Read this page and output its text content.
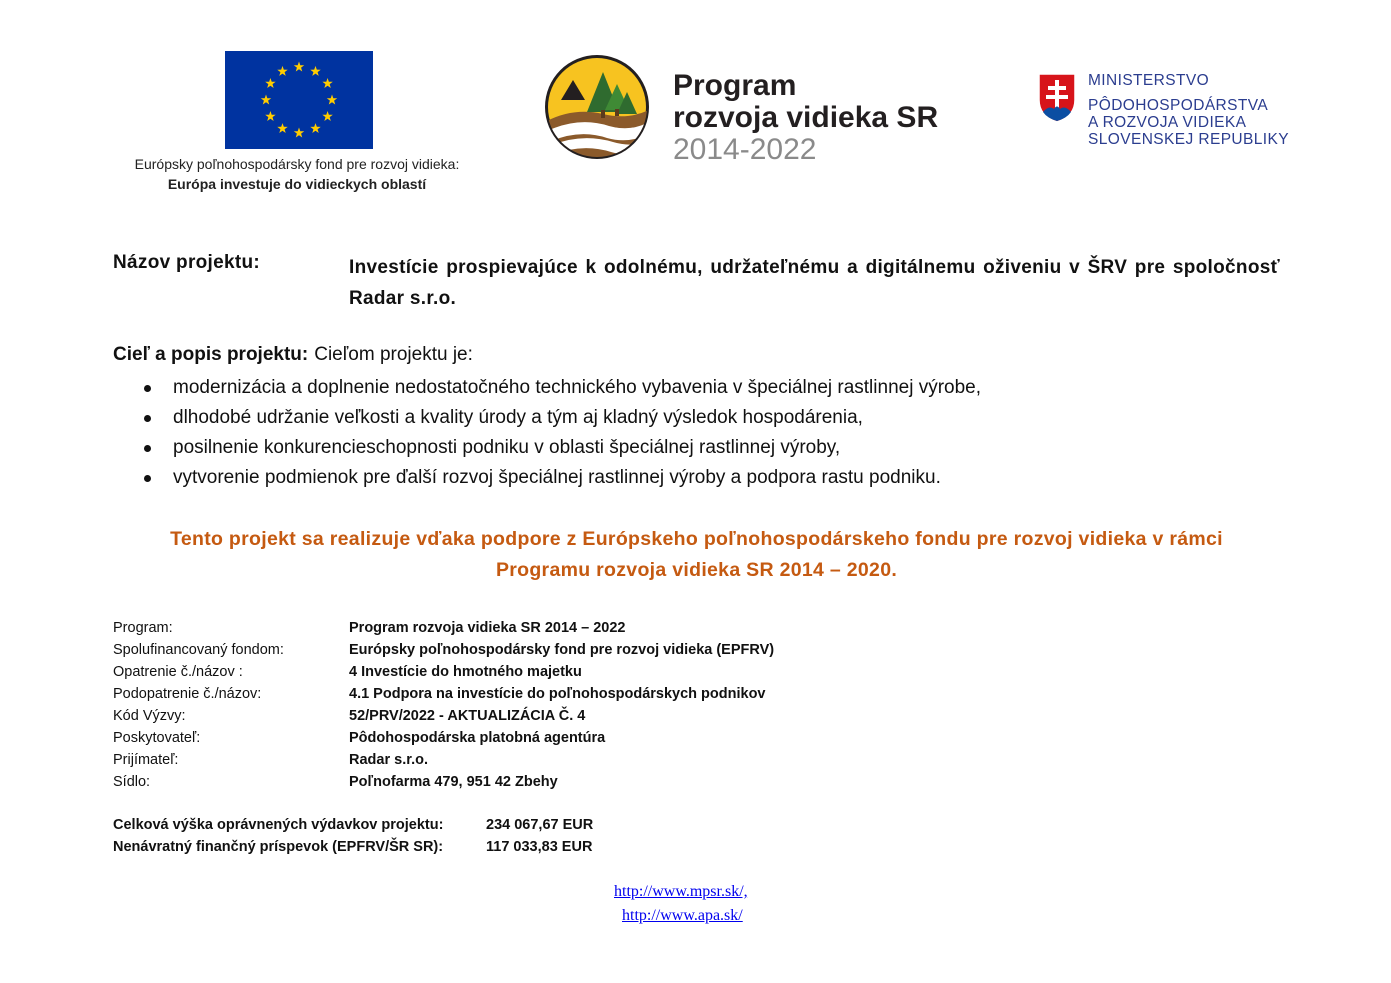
Európsky poľnohospodársky fond pre rozvoj vidieka:
Európa investuje do vidieckych oblastí
Program
rozvoja vidieka SR
2014-2022
MINISTERSTVO
PÔDOHOSPODÁRSTVA
A ROZVOJA VIDIEKA
SLOVENSKEJ REPUBLIKY
Názov projektu:	Investície prospievajúce k odolnému, udržateľnému a digitálnemu oživeniu v ŠRV pre spoločnosť Radar s.r.o.
Cieľ a popis projektu: Cieľom projektu je:
modernizácia a doplnenie nedostatočného technického vybavenia v špeciálnej rastlinnej výrobe,
dlhodobé udržanie veľkosti a kvality úrody a tým aj kladný výsledok hospodárenia,
posilnenie konkurencieschopnosti podniku v oblasti špeciálnej rastlinnej výroby,
vytvorenie podmienok pre ďalší rozvoj špeciálnej rastlinnej výroby a podpora rastu podniku.
Tento projekt sa realizuje vďaka podpore z Európskeho poľnohospodárskeho fondu pre rozvoj vidieka v rámci
Programu rozvoja vidieka SR 2014 – 2020.
Program:	Program rozvoja vidieka SR 2014 – 2022
Spolufinancovaný fondom:	Európsky poľnohospodársky fond pre rozvoj vidieka (EPFRV)
Opatrenie č./názov :	4 Investície do hmotného majetku
Podopatrenie č./názov:	4.1 Podpora na investície do poľnohospodárskych podnikov
Kód Výzvy:	52/PRV/2022 - AKTUALIZÁCIA Č. 4
Poskytovateľ:	Pôdohospodárska platobná agentúra
Prijímateľ:	Radar s.r.o.
Sídlo:	Poľnofarma 479, 951 42 Zbehy
Celková výška oprávnených výdavkov projektu:	234 067,67 EUR
Nenávratný finančný príspevok (EPFRV/ŠR SR):	117 033,83 EUR
http://www.mpsr.sk/,
http://www.apa.sk/
